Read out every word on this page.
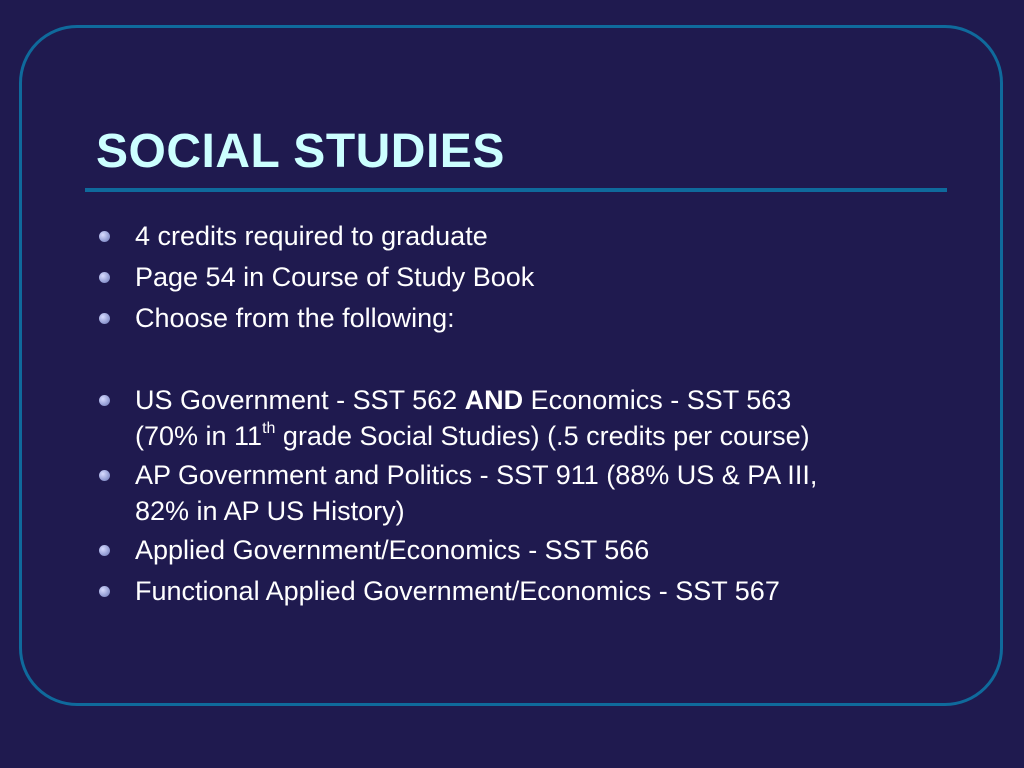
SOCIAL STUDIES
4 credits required to graduate
Page 54 in Course of Study Book
Choose from the following:
US Government - SST 562 AND Economics - SST 563
(70% in 11th grade Social Studies) (.5 credits per course)
AP Government and Politics - SST 911 (88% US & PA III,
82% in AP US History)
Applied Government/Economics - SST 566
Functional Applied Government/Economics - SST 567
